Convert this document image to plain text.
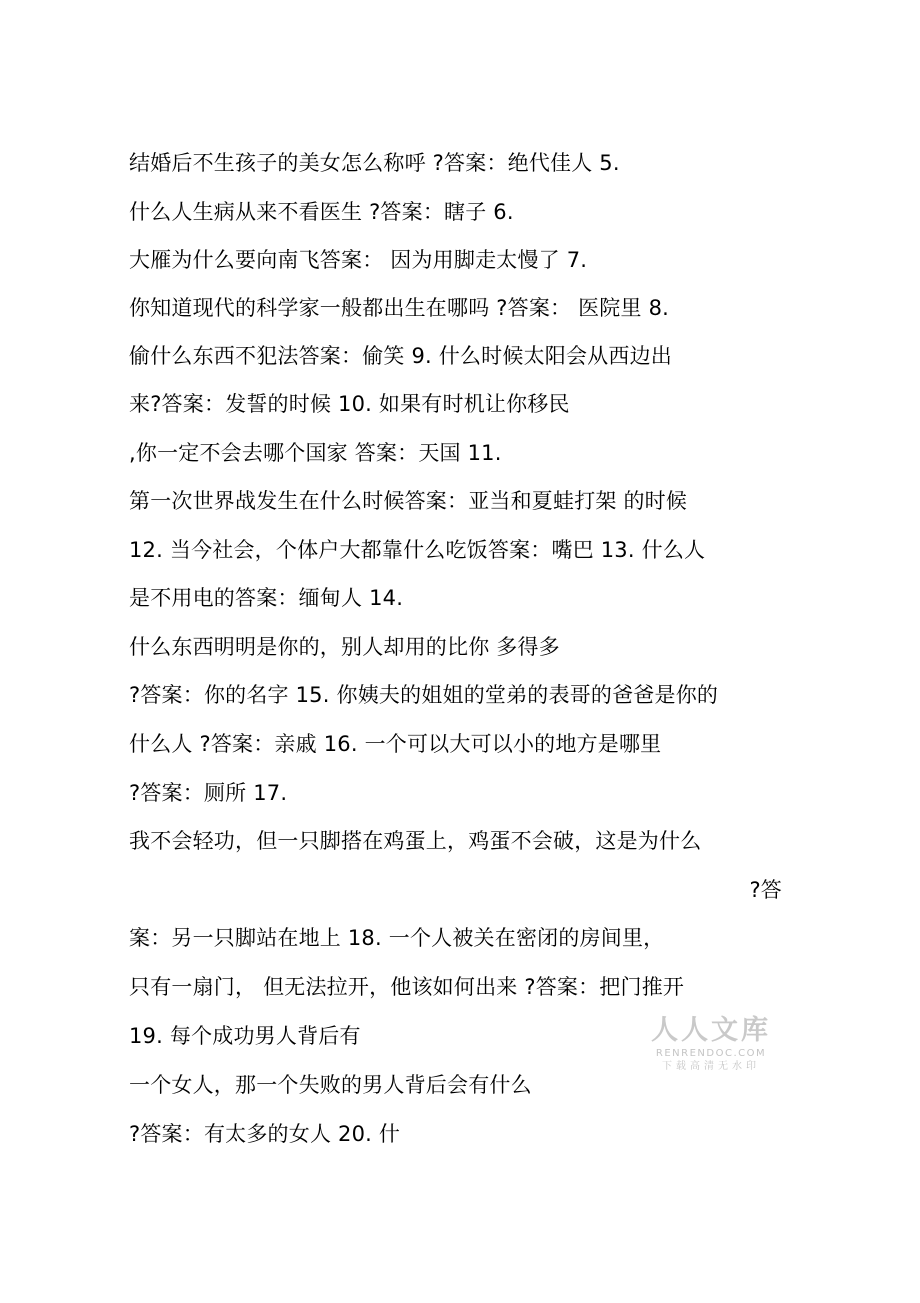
结婚后不生孩子的美女怎么称呼 ?答案：绝代佳人 5.
什么人生病从来不看医生 ?答案：瞎子 6.
大雁为什么要向南飞答案： 因为用脚走太慢了 7.
你知道现代的科学家一般都出生在哪吗 ?答案： 医院里 8.
偷什么东西不犯法答案：偷笑 9. 什么时候太阳会从西边出
来?答案：发誓的时候 10. 如果有时机让你移民
,你一定不会去哪个国家 答案：天国 11.
第一次世界战发生在什么时候答案：亚当和夏蛙打架 的时候
12. 当今社会，个体户大都靠什么吃饭答案：嘴巴 13. 什么人
是不用电的答案：缅甸人 14.
什么东西明明是你的，别人却用的比你 多得多
?答案：你的名字 15. 你姨夫的姐姐的堂弟的表哥的爸爸是你的
什么人 ?答案：亲戚 16. 一个可以大可以小的地方是哪里
?答案：厕所 17.
我不会轻功，但一只脚搭在鸡蛋上，鸡蛋不会破，这是为什么
?答
案：另一只脚站在地上 18. 一个人被关在密闭的房间里，
只有一扇门， 但无法拉开，他该如何出来 ?答案：把门推开
19. 每个成功男人背后有
一个女人，那一个失败的男人背后会有什么
?答案：有太多的女人 20. 什
人人文库
RENRENDOC.COM
下载高清无水印
